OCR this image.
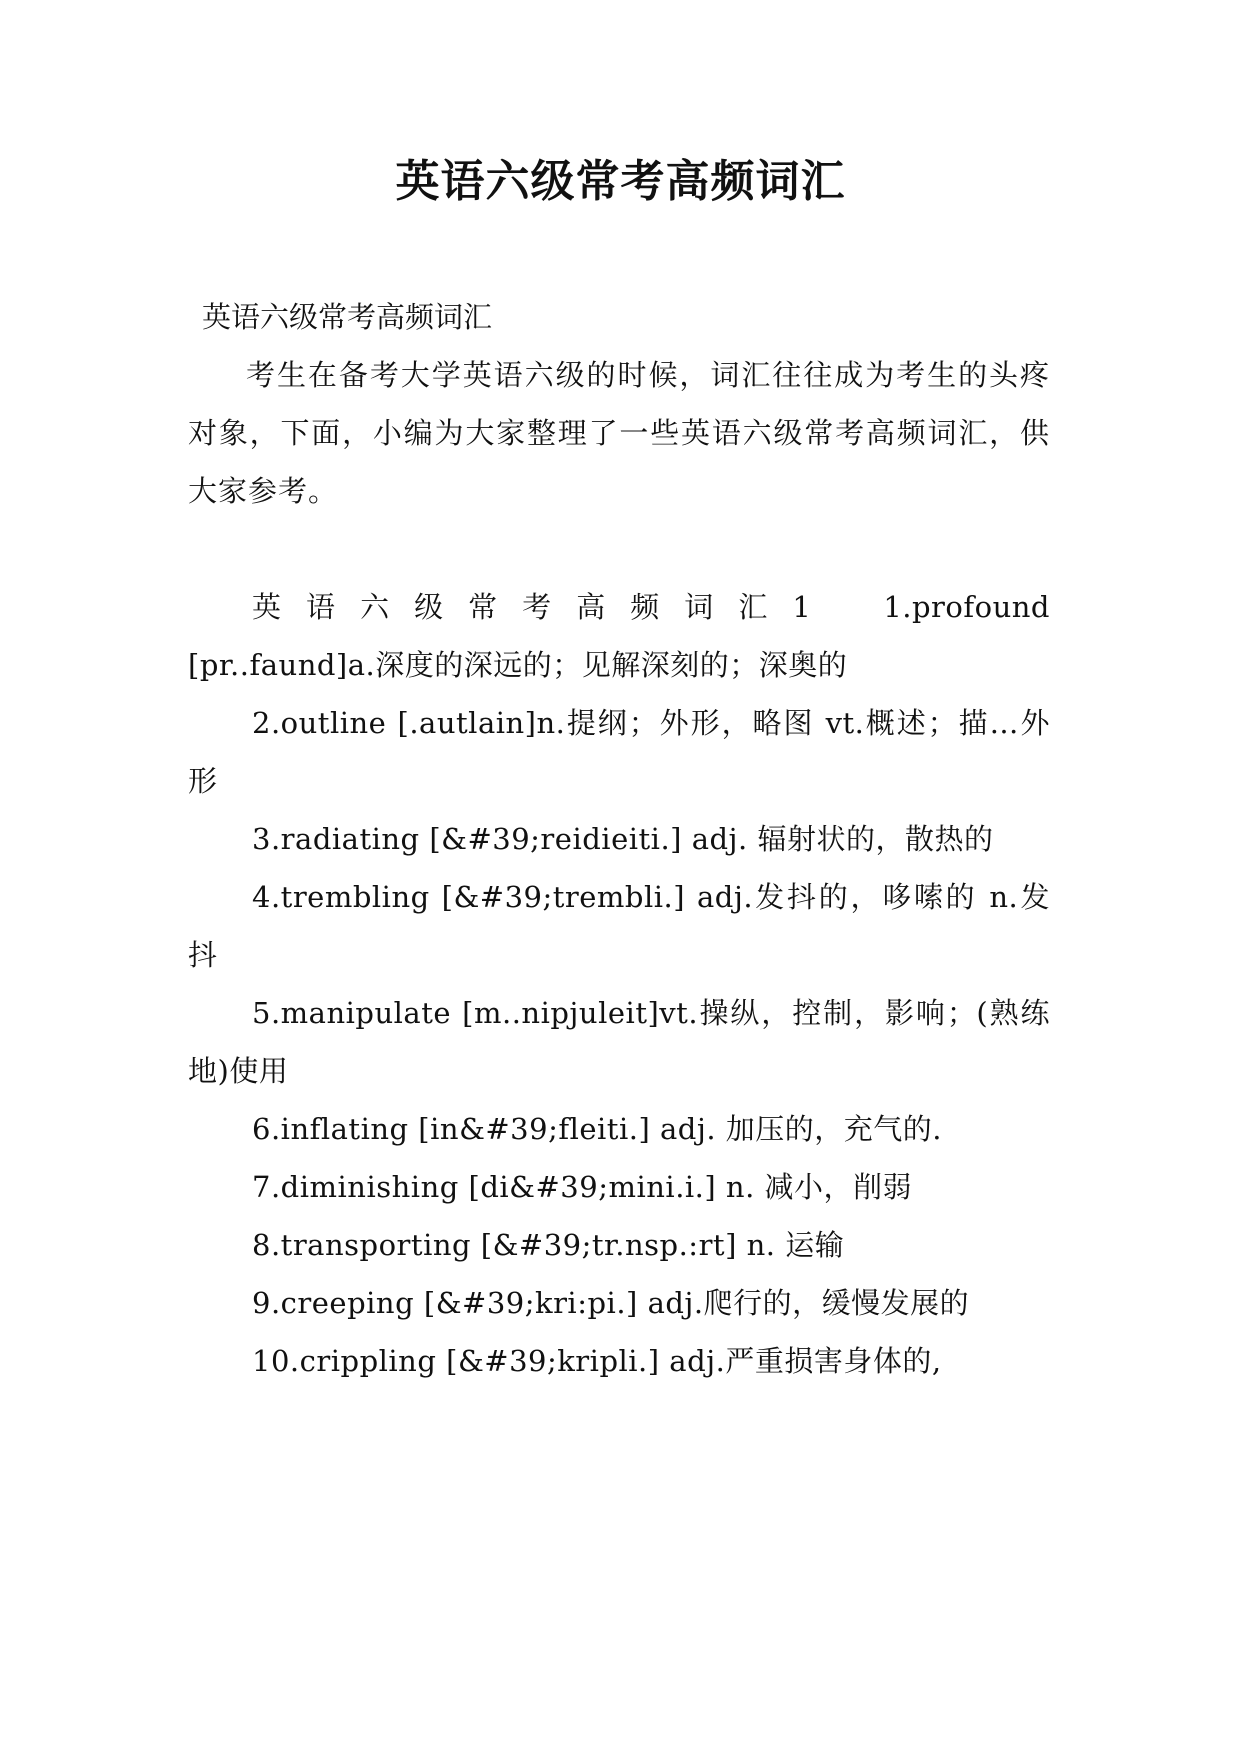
英语六级常考高频词汇

英语六级常考高频词汇

考生在备考大学英语六级的时候，词汇往往成为考生的头疼对象，下面，小编为大家整理了一些英语六级常考高频词汇，供大家参考。

英 语 六 级 常 考 高 频 词 汇 1 1.profound [pr..faund]a.深度的深远的；见解深刻的；深奥的

2.outline [.autlain]n.提纲；外形，略图 vt.概述；描…外形

3.radiating [&#39;reidieiti.] adj. 辐射状的，散热的

4.trembling [&#39;trembli.] adj.发抖的，哆嗦的 n.发抖

5.manipulate [m..nipjuleit]vt.操纵，控制，影响；(熟练地)使用

6.inflating [in&#39;fleiti.] adj. 加压的，充气的.

7.diminishing [di&#39;mini.i.] n. 减小，削弱

8.transporting [&#39;tr.nsp.:rt] n. 运输

9.creeping [&#39;kri:pi.] adj.爬行的，缓慢发展的

10.crippling [&#39;kripli.] adj.严重损害身体的,
